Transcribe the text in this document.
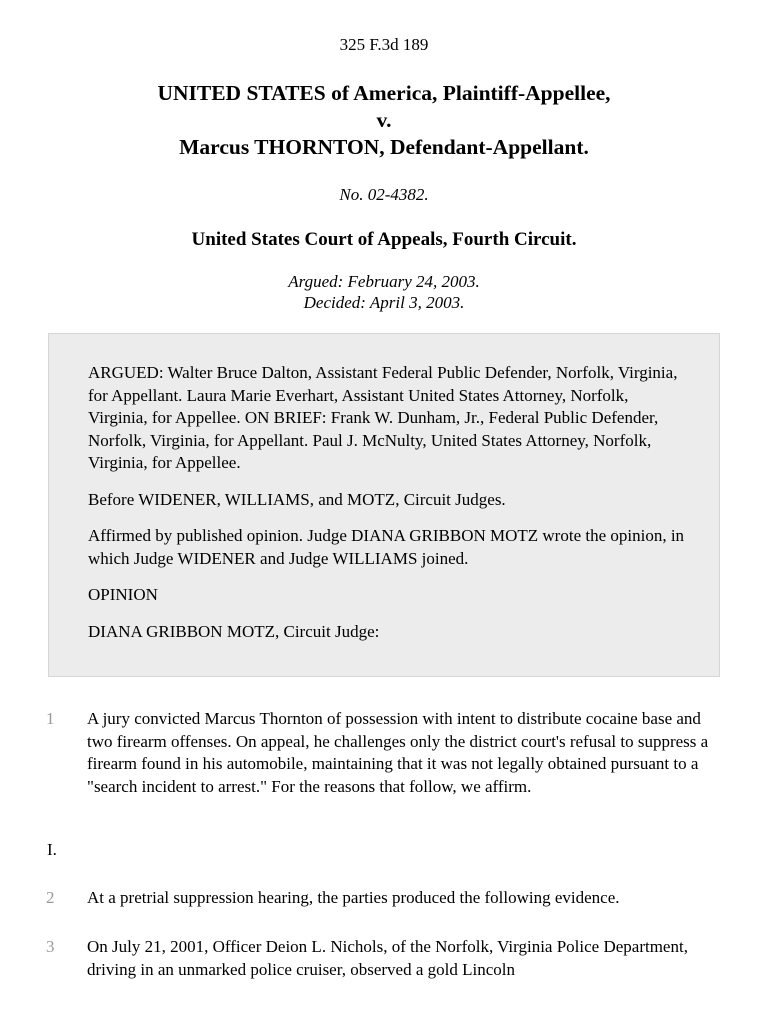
325 F.3d 189
UNITED STATES of America, Plaintiff-Appellee,
v.
Marcus THORNTON, Defendant-Appellant.
No. 02-4382.
United States Court of Appeals, Fourth Circuit.
Argued: February 24, 2003.
Decided: April 3, 2003.

ARGUED: Walter Bruce Dalton, Assistant Federal Public Defender, Norfolk, Virginia, for Appellant. Laura Marie Everhart, Assistant United States Attorney, Norfolk, Virginia, for Appellee. ON BRIEF: Frank W. Dunham, Jr., Federal Public Defender, Norfolk, Virginia, for Appellant. Paul J. McNulty, United States Attorney, Norfolk, Virginia, for Appellee.

Before WIDENER, WILLIAMS, and MOTZ, Circuit Judges.

Affirmed by published opinion. Judge DIANA GRIBBON MOTZ wrote the opinion, in which Judge WIDENER and Judge WILLIAMS joined.

OPINION

DIANA GRIBBON MOTZ, Circuit Judge:

1 A jury convicted Marcus Thornton of possession with intent to distribute cocaine base and two firearm offenses. On appeal, he challenges only the district court's refusal to suppress a firearm found in his automobile, maintaining that it was not legally obtained pursuant to a "search incident to arrest." For the reasons that follow, we affirm.
I.
2 At a pretrial suppression hearing, the parties produced the following evidence.
3 On July 21, 2001, Officer Deion L. Nichols, of the Norfolk, Virginia Police Department, driving in an unmarked police cruiser, observed a gold Lincoln
